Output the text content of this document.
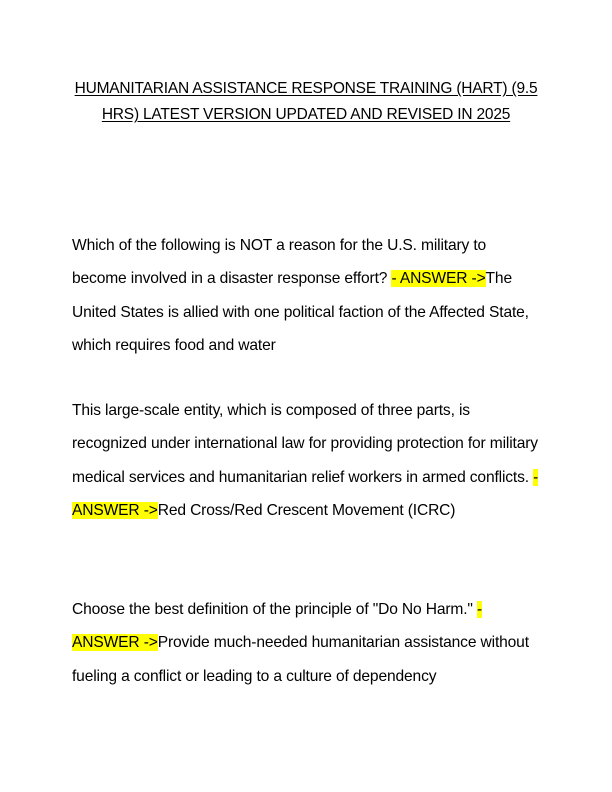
HUMANITARIAN ASSISTANCE RESPONSE TRAINING (HART) (9.5 HRS) LATEST VERSION UPDATED AND REVISED IN 2025

Which of the following is NOT a reason for the U.S. military to become involved in a disaster response effort? - ANSWER ->The United States is allied with one political faction of the Affected State, which requires food and water

This large-scale entity, which is composed of three parts, is recognized under international law for providing protection for military medical services and humanitarian relief workers in armed conflicts. - ANSWER ->Red Cross/Red Crescent Movement (ICRC)

Choose the best definition of the principle of "Do No Harm." - ANSWER ->Provide much-needed humanitarian assistance without fueling a conflict or leading to a culture of dependency
